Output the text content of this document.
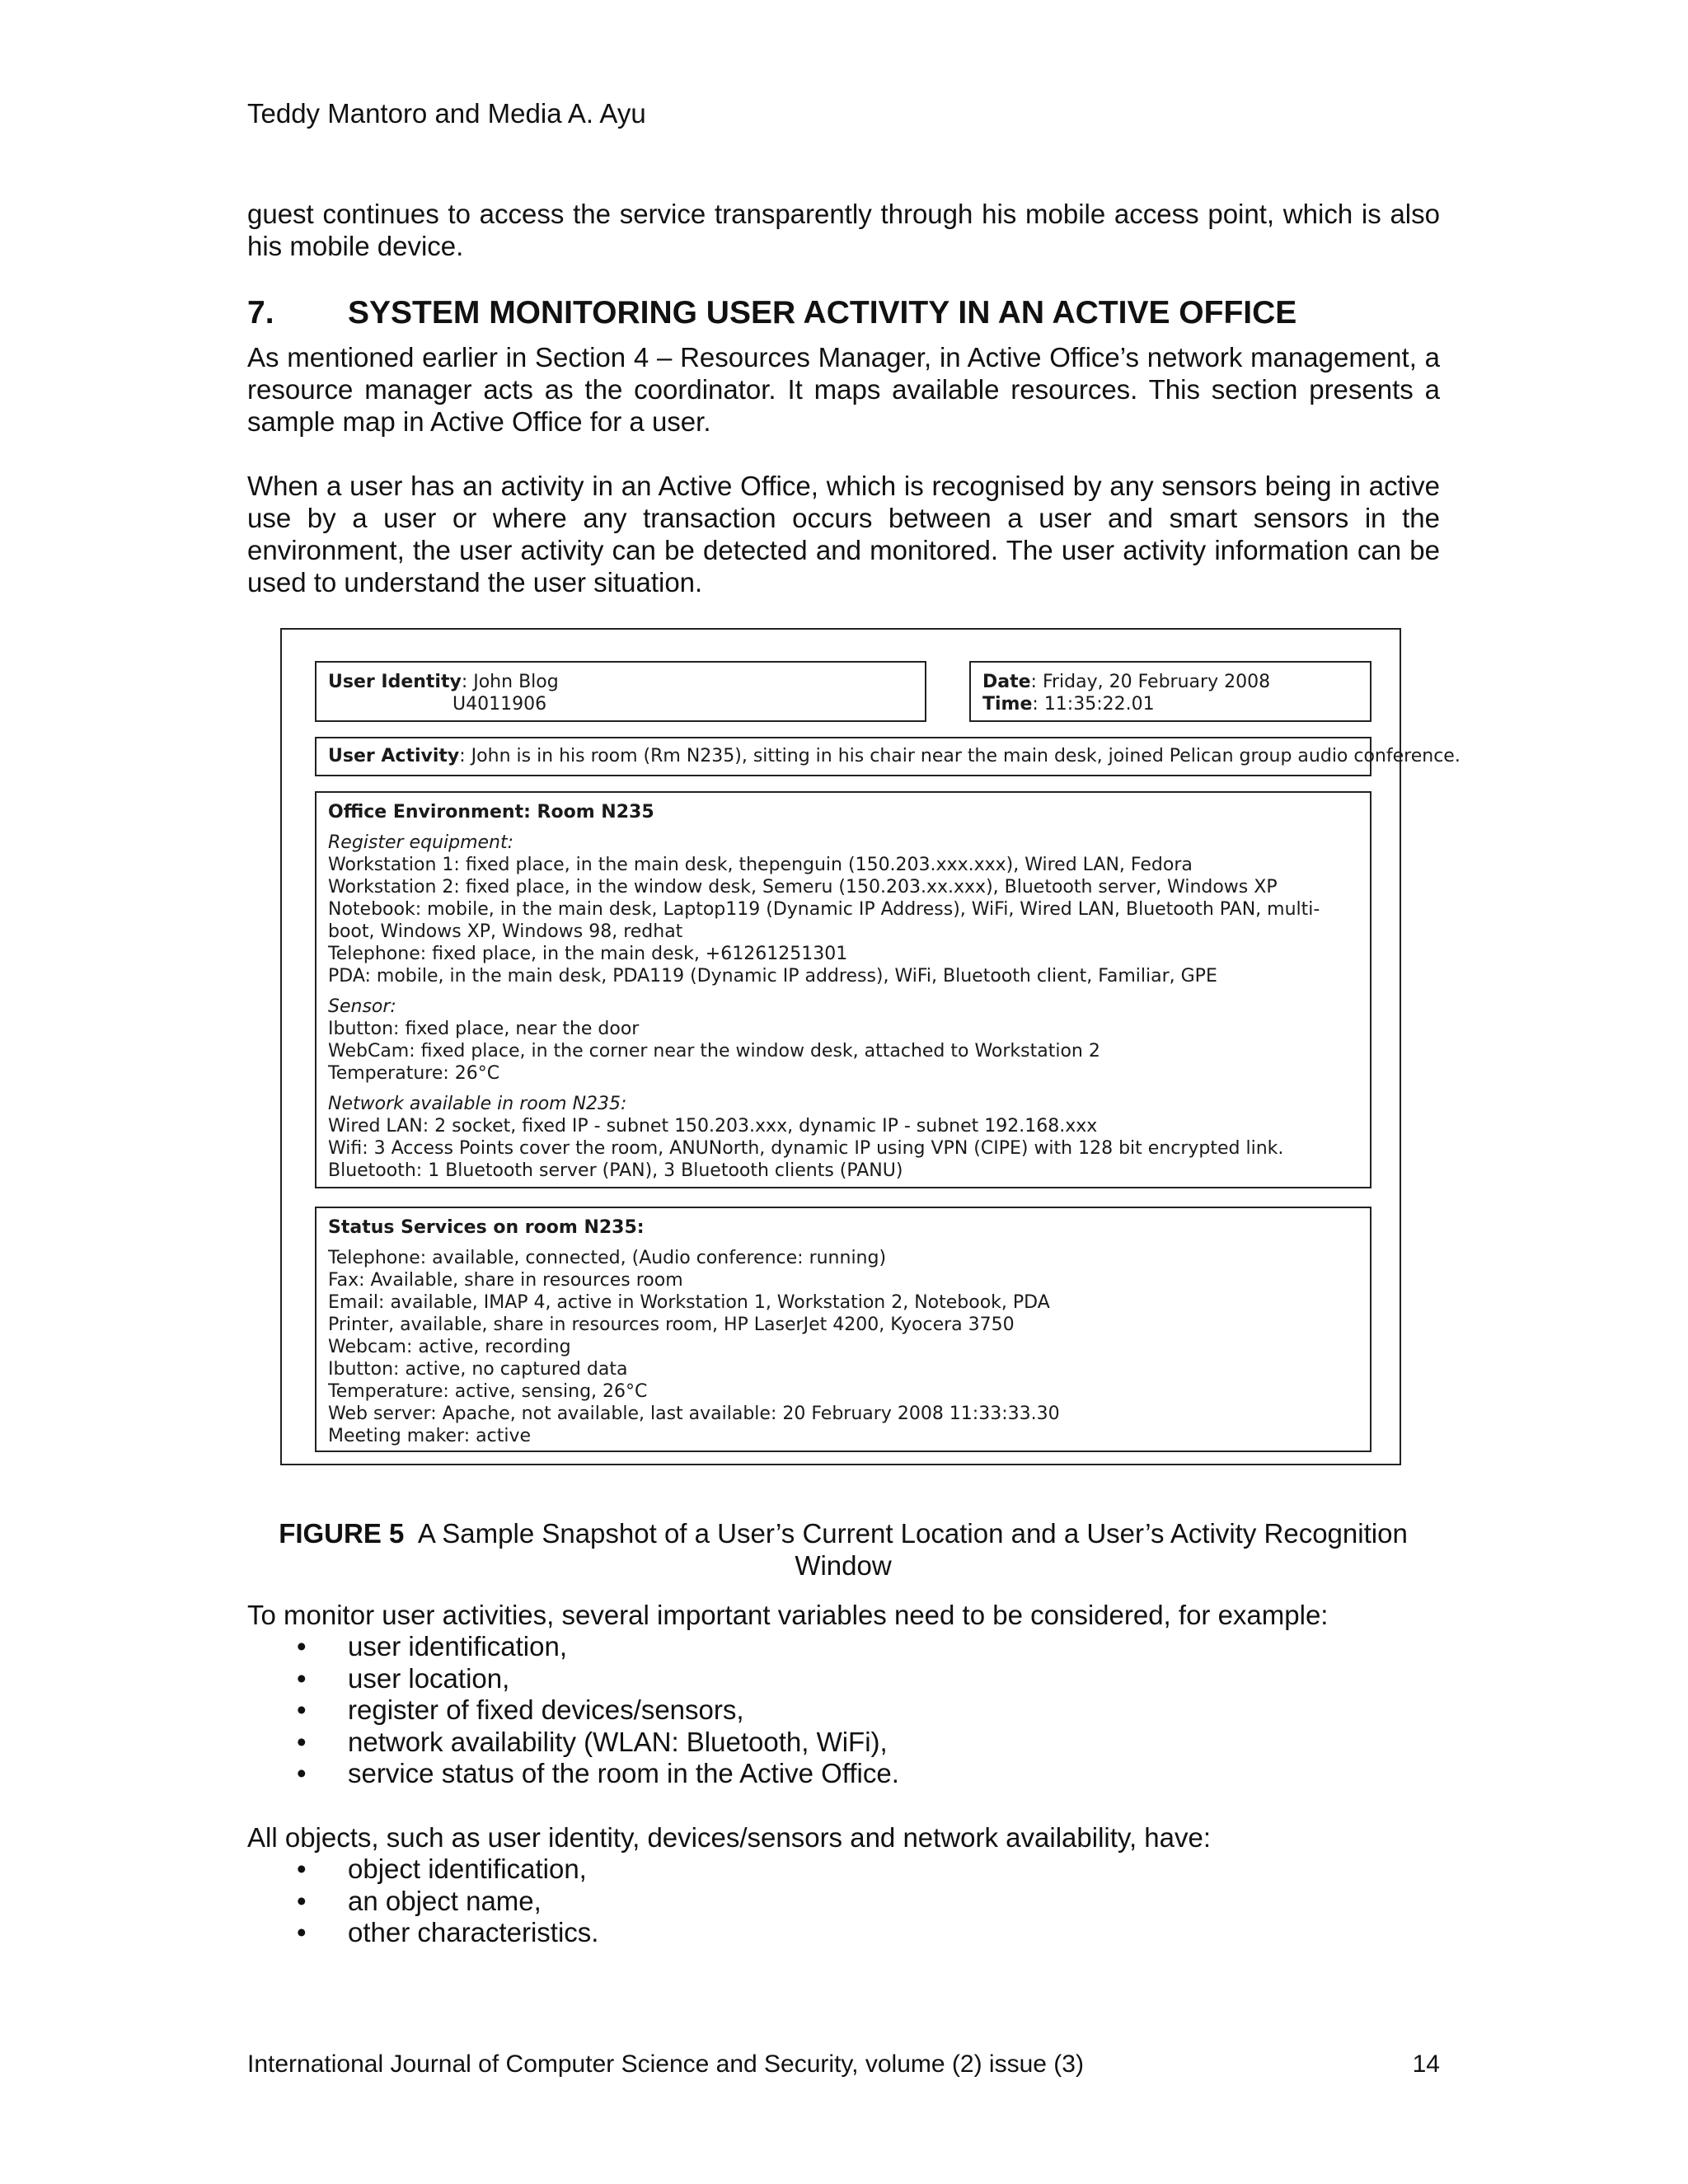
Teddy Mantoro and Media A. Ayu

guest continues to access the service transparently through his mobile access point, which is also his mobile device.

7. SYSTEM MONITORING USER ACTIVITY IN AN ACTIVE OFFICE

As mentioned earlier in Section 4 – Resources Manager, in Active Office’s network management, a resource manager acts as the coordinator. It maps available resources. This section presents a sample map in Active Office for a user.

When a user has an activity in an Active Office, which is recognised by any sensors being in active use by a user or where any transaction occurs between a user and smart sensors in the environment, the user activity can be detected and monitored. The user activity information can be used to understand the user situation.

User Identity: John Blog
U4011906
Date: Friday, 20 February 2008
Time: 11:35:22.01
User Activity: John is in his room (Rm N235), sitting in his chair near the main desk, joined Pelican group audio conference.
Office Environment: Room N235
Register equipment:
Workstation 1: fixed place, in the main desk, thepenguin (150.203.xxx.xxx), Wired LAN, Fedora
Workstation 2: fixed place, in the window desk, Semeru (150.203.xx.xxx), Bluetooth server, Windows XP
Notebook: mobile, in the main desk, Laptop119 (Dynamic IP Address), WiFi, Wired LAN, Bluetooth PAN, multi-boot, Windows XP, Windows 98, redhat
Telephone: fixed place, in the main desk, +61261251301
PDA: mobile, in the main desk, PDA119 (Dynamic IP address), WiFi, Bluetooth client, Familiar, GPE
Sensor:
Ibutton: fixed place, near the door
WebCam: fixed place, in the corner near the window desk, attached to Workstation 2
Temperature: 26°C
Network available in room N235:
Wired LAN: 2 socket, fixed IP - subnet 150.203.xxx, dynamic IP - subnet 192.168.xxx
Wifi: 3 Access Points cover the room, ANUNorth, dynamic IP using VPN (CIPE) with 128 bit encrypted link.
Bluetooth: 1 Bluetooth server (PAN), 3 Bluetooth clients (PANU)
Status Services on room N235:
Telephone: available, connected, (Audio conference: running)
Fax: Available, share in resources room
Email: available, IMAP 4, active in Workstation 1, Workstation 2, Notebook, PDA
Printer, available, share in resources room, HP LaserJet 4200, Kyocera 3750
Webcam: active, recording
Ibutton: active, no captured data
Temperature: active, sensing, 26°C
Web server: Apache, not available, last available: 20 February 2008 11:33:33.30
Meeting maker: active
FIGURE 5 A Sample Snapshot of a User’s Current Location and a User’s Activity Recognition Window

To monitor user activities, several important variables need to be considered, for example:

• user identification,
• user location,
• register of fixed devices/sensors,
• network availability (WLAN: Bluetooth, WiFi),
• service status of the room in the Active Office.

All objects, such as user identity, devices/sensors and network availability, have:

• object identification,
• an object name,
• other characteristics.
International Journal of Computer Science and Security, volume (2) issue (3)	14
